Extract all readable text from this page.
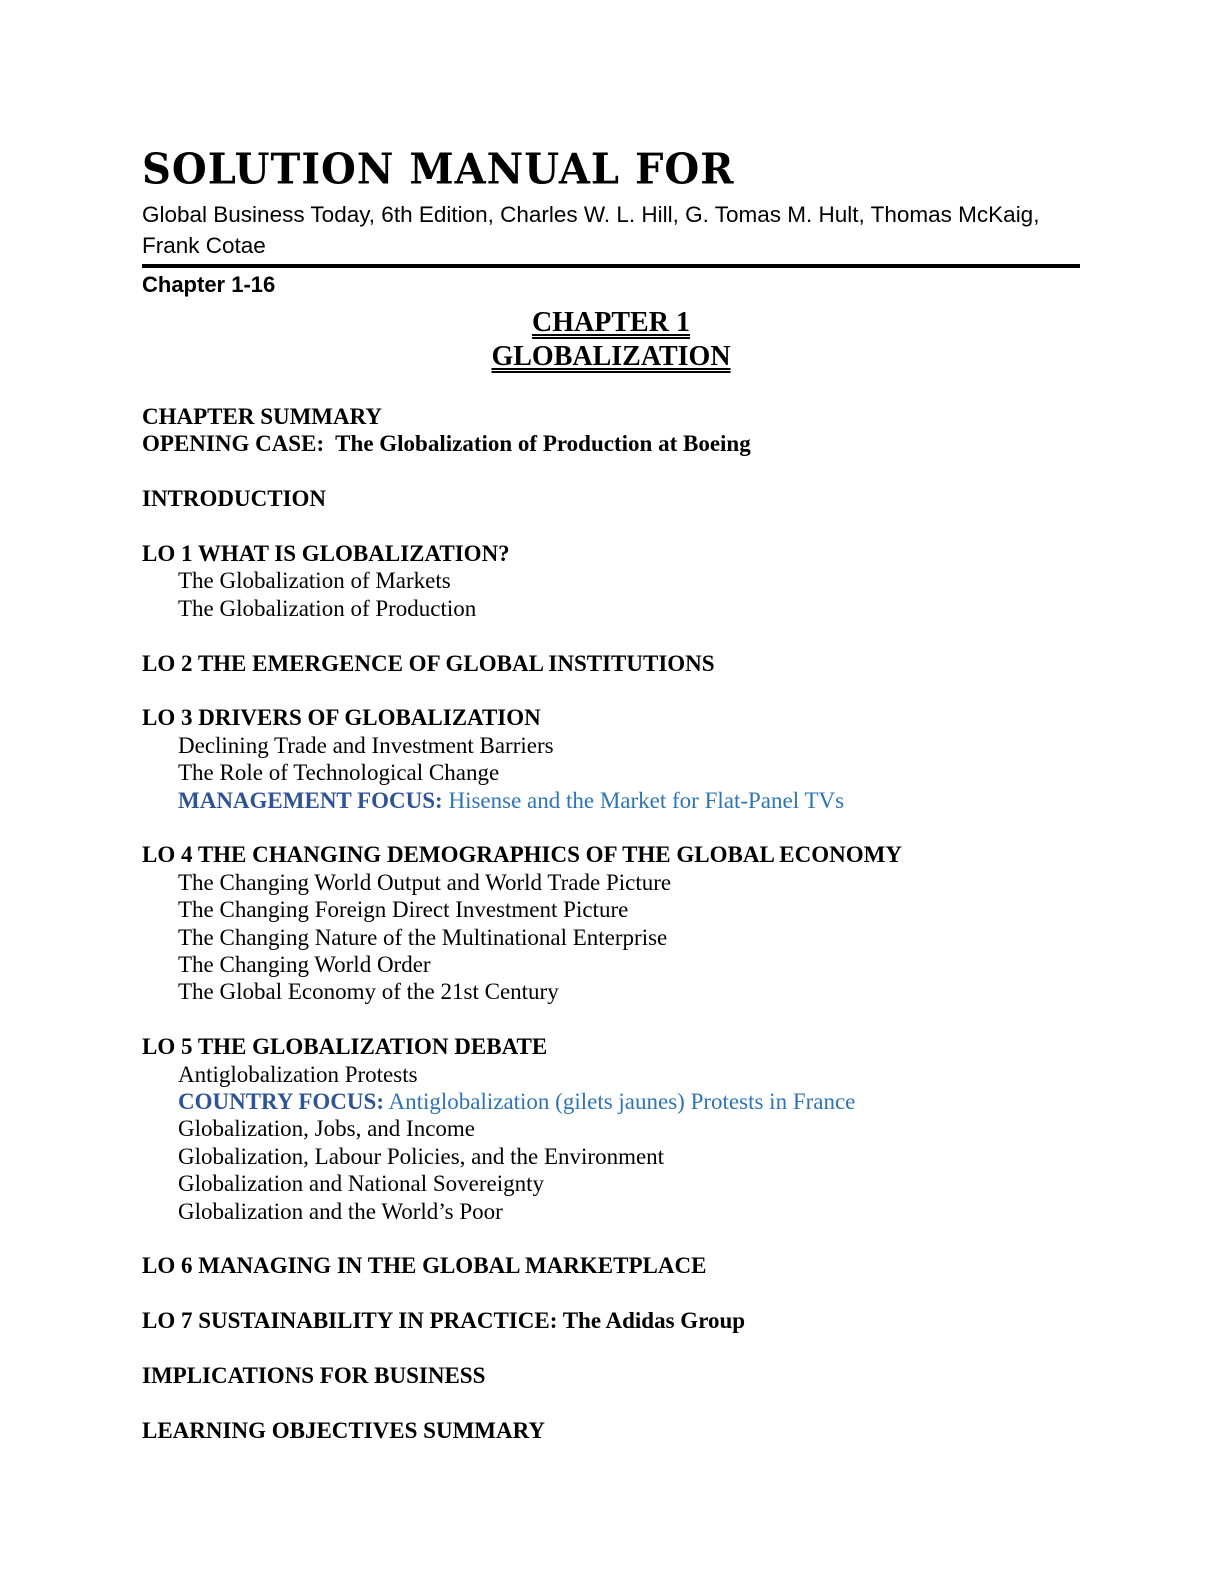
SOLUTION MANUAL FOR
Global Business Today, 6th Edition, Charles W. L. Hill, G. Tomas M. Hult, Thomas McKaig, Frank Cotae
Chapter 1-16
CHAPTER 1
GLOBALIZATION
CHAPTER SUMMARY
OPENING CASE:  The Globalization of Production at Boeing
INTRODUCTION
LO 1 WHAT IS GLOBALIZATION?
The Globalization of Markets
The Globalization of Production
LO 2 THE EMERGENCE OF GLOBAL INSTITUTIONS
LO 3 DRIVERS OF GLOBALIZATION
Declining Trade and Investment Barriers
The Role of Technological Change
MANAGEMENT FOCUS: Hisense and the Market for Flat-Panel TVs
LO 4 THE CHANGING DEMOGRAPHICS OF THE GLOBAL ECONOMY
The Changing World Output and World Trade Picture
The Changing Foreign Direct Investment Picture
The Changing Nature of the Multinational Enterprise
The Changing World Order
The Global Economy of the 21st Century
LO 5 THE GLOBALIZATION DEBATE
Antiglobalization Protests
COUNTRY FOCUS: Antiglobalization (gilets jaunes) Protests in France
Globalization, Jobs, and Income
Globalization, Labour Policies, and the Environment
Globalization and National Sovereignty
Globalization and the World’s Poor
LO 6 MANAGING IN THE GLOBAL MARKETPLACE
LO 7 SUSTAINABILITY IN PRACTICE: The Adidas Group
IMPLICATIONS FOR BUSINESS
LEARNING OBJECTIVES SUMMARY
